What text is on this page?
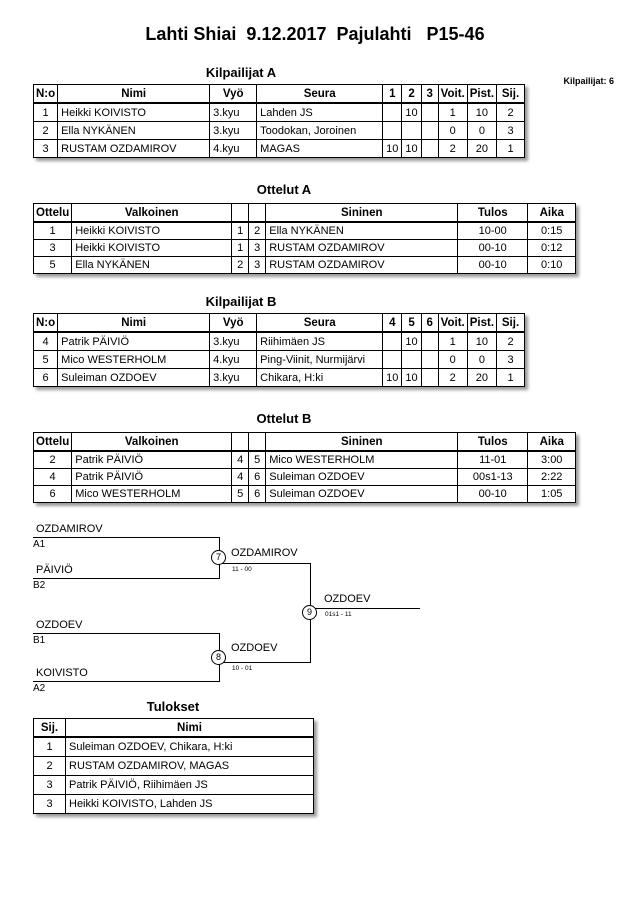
Lahti Shiai  9.12.2017  Pajulahti   P15-46
Kilpailijat: 6
Kilpailijat A
N:o	Nimi	Vyö	Seura	1	2	3	Voit.	Pist.	Sij.
1	Heikki KOIVISTO	3.kyu	Lahden JS		10		1	10	2
2	Ella NYKÄNEN	3.kyu	Toodokan, Joroinen				0	0	3
3	RUSTAM OZDAMIROV	4.kyu	MAGAS	10	10		2	20	1
Ottelut A
Ottelu	Valkoinen			Sininen	Tulos	Aika
1	Heikki KOIVISTO	1	2	Ella NYKÄNEN	10-00	0:15
3	Heikki KOIVISTO	1	3	RUSTAM OZDAMIROV	00-10	0:12
5	Ella NYKÄNEN	2	3	RUSTAM OZDAMIROV	00-10	0:10
Kilpailijat B
N:o	Nimi	Vyö	Seura	4	5	6	Voit.	Pist.	Sij.
4	Patrik PÄIVIÖ	3.kyu	Riihimäen JS		10		1	10	2
5	Mico WESTERHOLM	4.kyu	Ping-Viinit, Nurmijärvi				0	0	3
6	Suleiman OZDOEV	3.kyu	Chikara, H:ki	10	10		2	20	1
Ottelut B
Ottelu	Valkoinen			Sininen	Tulos	Aika
2	Patrik PÄIVIÖ	4	5	Mico WESTERHOLM	11-01	3:00
4	Patrik PÄIVIÖ	4	6	Suleiman OZDOEV	00s1-13	2:22
6	Mico WESTERHOLM	5	6	Suleiman OZDOEV	00-10	1:05
OZDAMIROV
A1
PÄIVIÖ
B2
7 OZDAMIROV
11 - 00
OZDOEV
01s1 - 11
9
OZDOEV
B1
KOIVISTO
A2
8
OZDOEV
10 - 01
Tulokset
Sij.	Nimi
1	Suleiman OZDOEV, Chikara, H:ki
2	RUSTAM OZDAMIROV, MAGAS
3	Patrik PÄIVIÖ, Riihimäen JS
3	Heikki KOIVISTO, Lahden JS
